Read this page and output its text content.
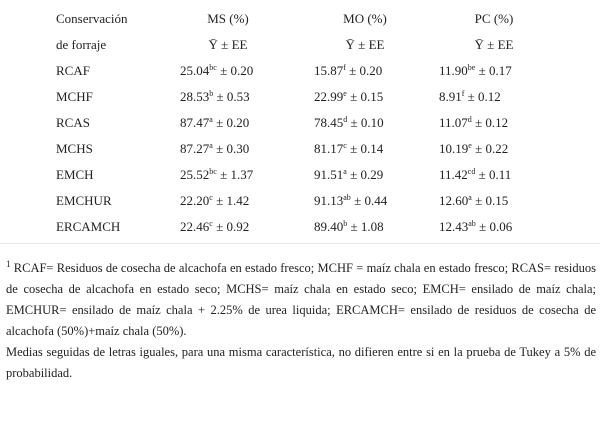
Conservación	MS (%)	MO (%)	PC (%)
de forraje	Ȳ ± EE	Ȳ ± EE	Ȳ ± EE
RCAF	25.04$^{bc}$ ± 0.20	15.87$^f$ ± 0.20	11.90$^{be}$ ± 0.17
MCHF	28.53$^b$ ± 0.53	22.99$^e$ ± 0.15	8.91$^f$ ± 0.12
RCAS	87.47$^a$ ± 0.20	78.45$^d$ ± 0.10	11.07$^d$ ± 0.12
MCHS	87.27$^a$ ± 0.30	81.17$^c$ ± 0.14	10.19$^e$ ± 0.22
EMCH	25.52$^{bc}$ ± 1.37	91.51$^a$ ± 0.29	11.42$^{cd}$ ± 0.11
EMCHUR	22.20$^c$ ± 1.42	91.13$^{ab}$ ± 0.44	12.60$^a$ ± 0.15
ERCAMCH	22.46$^c$ ± 0.92	89.40$^b$ ± 1.08	12.43$^{ab}$ ± 0.06

$^1$ RCAF= Residuos de cosecha de alcachofa en estado fresco; MCHF = maíz chala en estado fresco; RCAS= residuos de cosecha de alcachofa en estado seco; MCHS= maíz chala en estado seco; EMCH= ensilado de maíz chala; EMCHUR= ensilado de maíz chala + 2.25% de urea liquida; ERCAMCH= ensilado de residuos de cosecha de alcachofa (50%)+maíz chala (50%).

Medias seguidas de letras iguales, para una misma característica, no difieren entre si en la prueba de Tukey a 5% de probabilidad.
